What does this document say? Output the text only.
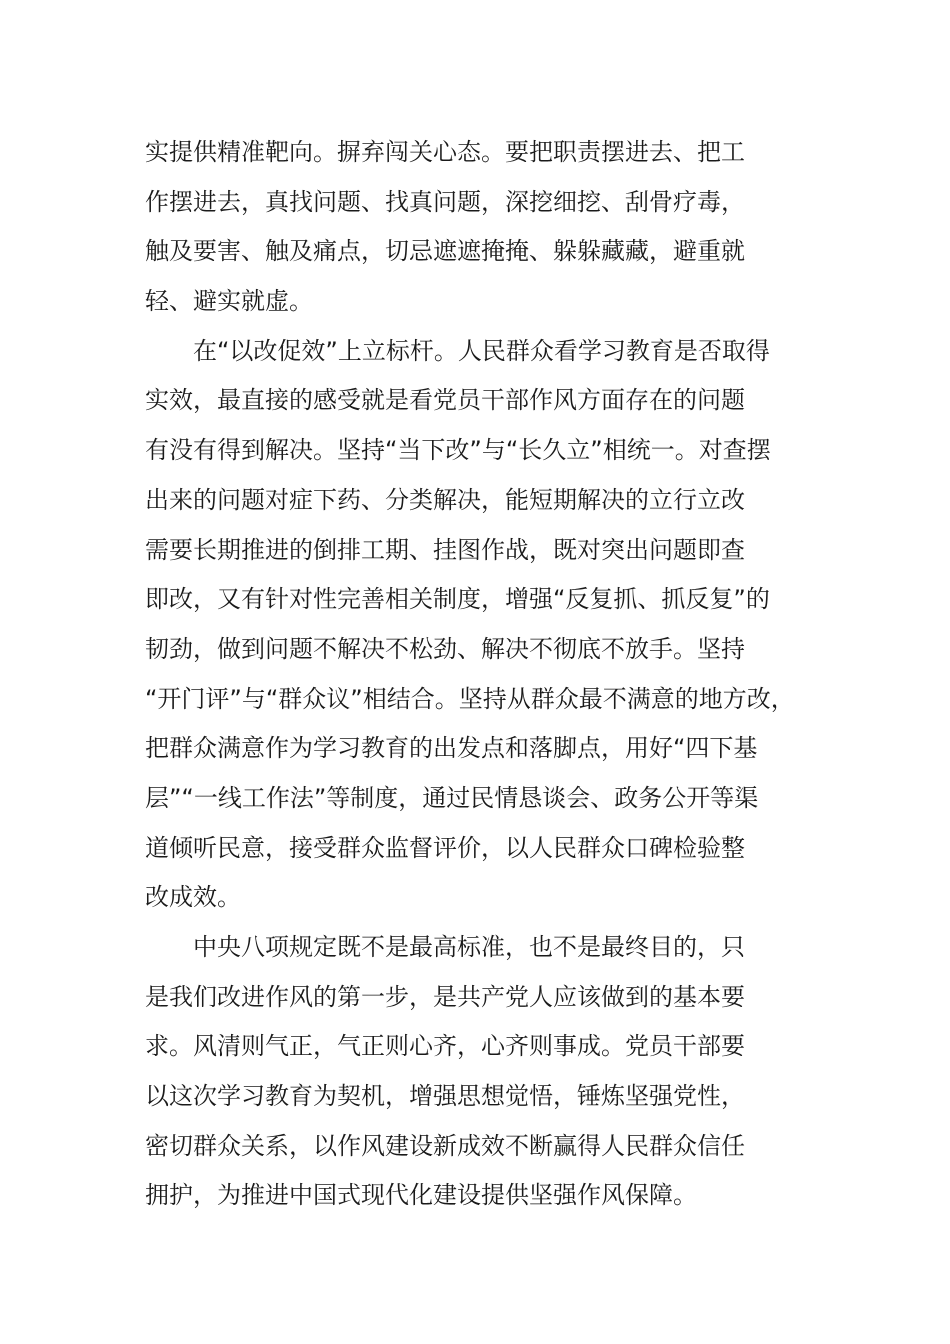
实提供精准靶向。摒弃闯关心态。要把职责摆进去、把工
作摆进去，真找问题、找真问题，深挖细挖、刮骨疗毒，
触及要害、触及痛点，切忌遮遮掩掩、躲躲藏藏，避重就
轻、避实就虚。
在“以改促效”上立标杆。人民群众看学习教育是否取得
实效，最直接的感受就是看党员干部作风方面存在的问题
有没有得到解决。坚持“当下改”与“长久立”相统一。对查摆
出来的问题对症下药、分类解决，能短期解决的立行立改
需要长期推进的倒排工期、挂图作战，既对突出问题即查
即改，又有针对性完善相关制度，增强“反复抓、抓反复”的
韧劲，做到问题不解决不松劲、解决不彻底不放手。坚持
“开门评”与“群众议”相结合。坚持从群众最不满意的地方改，
把群众满意作为学习教育的出发点和落脚点，用好“四下基
层”“一线工作法”等制度，通过民情恳谈会、政务公开等渠
道倾听民意，接受群众监督评价，以人民群众口碑检验整
改成效。
中央八项规定既不是最高标准，也不是最终目的，只
是我们改进作风的第一步，是共产党人应该做到的基本要
求。风清则气正，气正则心齐，心齐则事成。党员干部要
以这次学习教育为契机，增强思想觉悟，锤炼坚强党性，
密切群众关系，以作风建设新成效不断赢得人民群众信任
拥护，为推进中国式现代化建设提供坚强作风保障。
